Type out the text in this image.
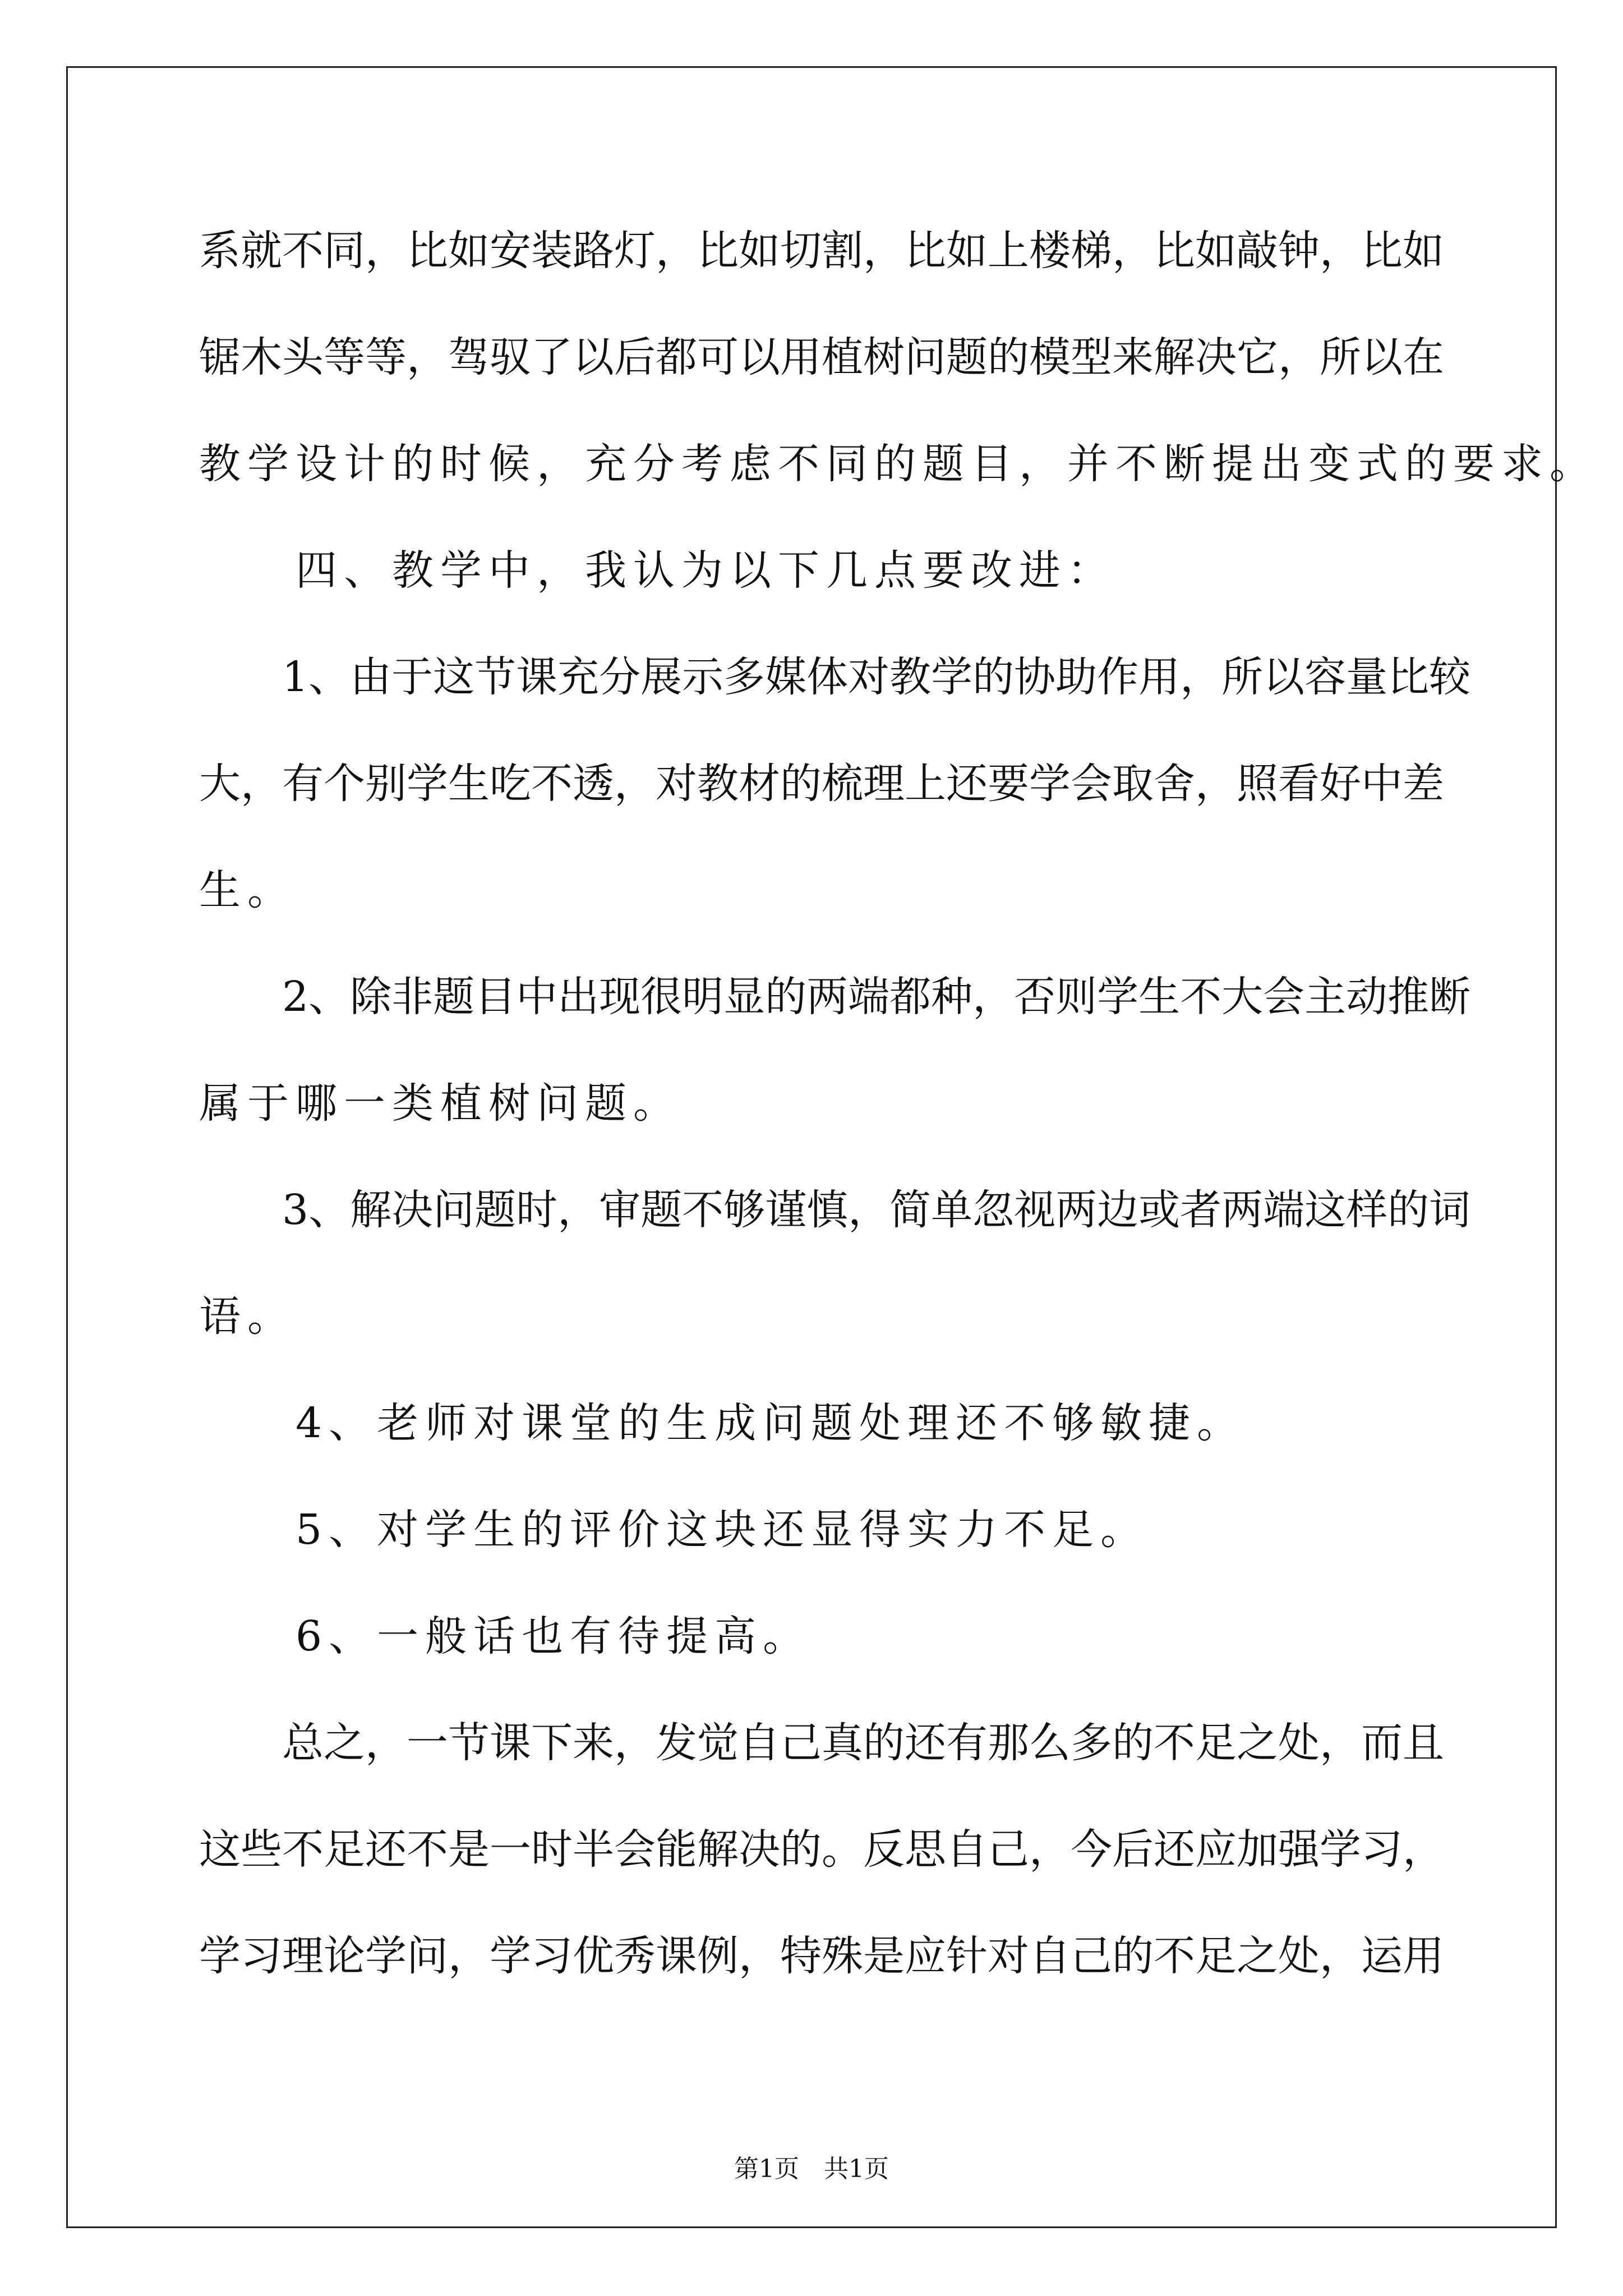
系就不同，比如安装路灯，比如切割，比如上楼梯，比如敲钟，比如
锯木头等等，驾驭了以后都可以用植树问题的模型来解决它，所以在
教学设计的时候，充分考虑不同的题目，并不断提出变式的要求。
　　四、教学中，我认为以下几点要改进：
　　1、由于这节课充分展示多媒体对教学的协助作用，所以容量比较
大，有个别学生吃不透，对教材的梳理上还要学会取舍，照看好中差
生。
　　2、除非题目中出现很明显的两端都种，否则学生不大会主动推断
属于哪一类植树问题。
　　3、解决问题时，审题不够谨慎，简单忽视两边或者两端这样的词
语。
　　4、老师对课堂的生成问题处理还不够敏捷。
　　5、对学生的评价这块还显得实力不足。
　　6、一般话也有待提高。
　　总之，一节课下来，发觉自己真的还有那么多的不足之处，而且
这些不足还不是一时半会能解决的。反思自己，今后还应加强学习，
学习理论学问，学习优秀课例，特殊是应针对自己的不足之处，运用
第1页　共1页
